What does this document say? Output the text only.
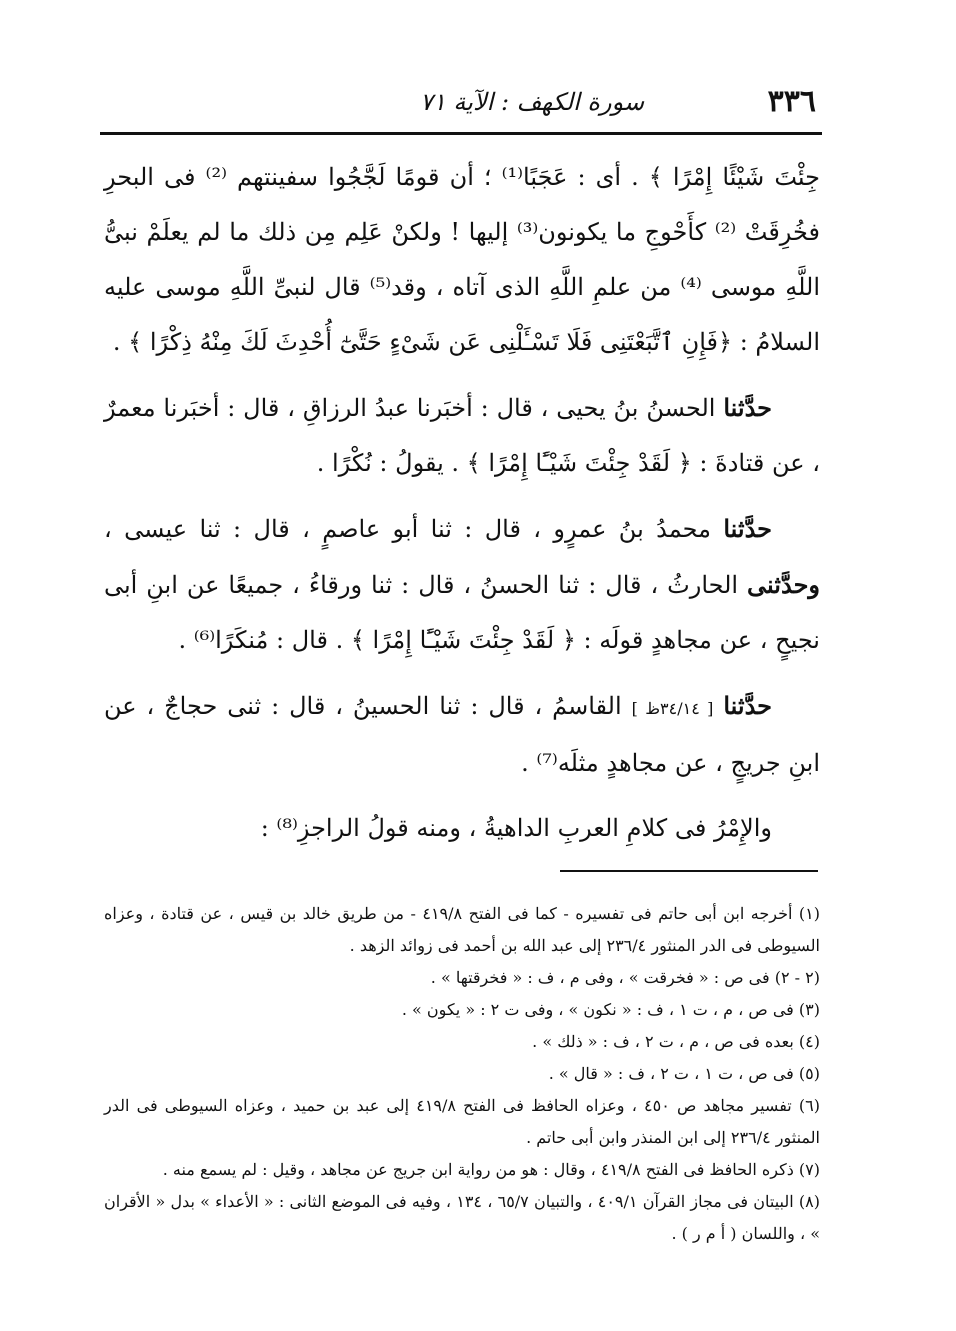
٣٣٦
سورة الكهف : الآية ٧١

جِئْتَ شَيْئًا إِمْرًا ﴾ . أى : عَجَبًا⁽¹⁾ ؛ أن قومًا لَجَّجُوا سفينتهم ⁽²⁾ فى البحرِ فخُرِقَتْ ⁽²⁾ كأَحْوجِ ما يكونون⁽³⁾ إليها ! ولكنْ عَلِم مِن ذلك ما لم يعلَمْ نبىُّ اللَّهِ موسى ⁽⁴⁾ من علمِ اللَّهِ الذى آتاه ، وقد⁽⁵⁾ قال لنبىِّ اللَّهِ موسى عليه السلامُ : ﴿فَإِنِ ٱتَّبَعْتَنِى فَلَا تَسْـَٔلْنِى عَن شَىْءٍ حَتَّىٰٓ أُحْدِثَ لَكَ مِنْهُ ذِكْرًا ﴾ .

حدَّثنا الحسنُ بنُ يحيى ، قال : أخبَرنا عبدُ الرزاقِ ، قال : أخبَرنا معمرٌ ، عن قتادةَ : ﴿ لَقَدْ جِئْتَ شَيْـًٔا إِمْرًا ﴾ . يقولُ : نُكْرًا .

حدَّثنا محمدُ بنُ عمرٍو ، قال : ثنا أبو عاصمٍ ، قال : ثنا عيسى ، وحدَّثنى الحارثُ ، قال : ثنا الحسنُ ، قال : ثنا ورقاءُ ، جميعًا عن ابنِ أبى نجيحٍ ، عن مجاهدٍ قولَه : ﴿ لَقَدْ جِئْتَ شَيْـًٔا إِمْرًا ﴾ . قال : مُنكَرًا⁽⁶⁾ .

حدَّثنا [ ٣٤/١٤ظ ] القاسمُ ، قال : ثنا الحسينُ ، قال : ثنى حجاجٌ ، عن ابنِ جريجٍ ، عن مجاهدٍ مثلَه⁽⁷⁾ .

والإِمْرُ فى كلامِ العربِ الداهيةُ ، ومنه قولُ الراجزِ⁽⁸⁾ :

(١) أخرجه ابن أبى حاتم فى تفسيره - كما فى الفتح ٤١٩/٨ - من طريق خالد بن قيس ، عن قتادة ، وعزاه السيوطى فى الدر المنثور ٢٣٦/٤ إلى عبد الله بن أحمد فى زوائد الزهد .

(٢ - ٢) فى ص : « فخرقت » ، وفى م ، ف : « فخرقتها » .

(٣) فى ص ، م ، ت ١ ، ف : « نكون » ، وفى ت ٢ : « يكون » .

(٤) بعده فى ص ، م ، ت ٢ ، ف : « ذلك » .

(٥) فى ص ، ت ١ ، ت ٢ ، ف : « قال » .

(٦) تفسير مجاهد ص ٤٥٠ ، وعزاه الحافظ فى الفتح ٤١٩/٨ إلى عبد بن حميد ، وعزاه السيوطى فى الدر المنثور ٢٣٦/٤ إلى ابن المنذر وابن أبى حاتم .

(٧) ذكره الحافظ فى الفتح ٤١٩/٨ ، وقال : هو من رواية ابن جريج عن مجاهد ، وقيل : لم يسمع منه .

(٨) البيتان فى مجاز القرآن ٤٠٩/١ ، والتبيان ٦٥/٧ ، ١٣٤ ، وفيه فى الموضع الثانى : « الأعداء » بدل « الأقران » ، واللسان ( أ م ر ) .
